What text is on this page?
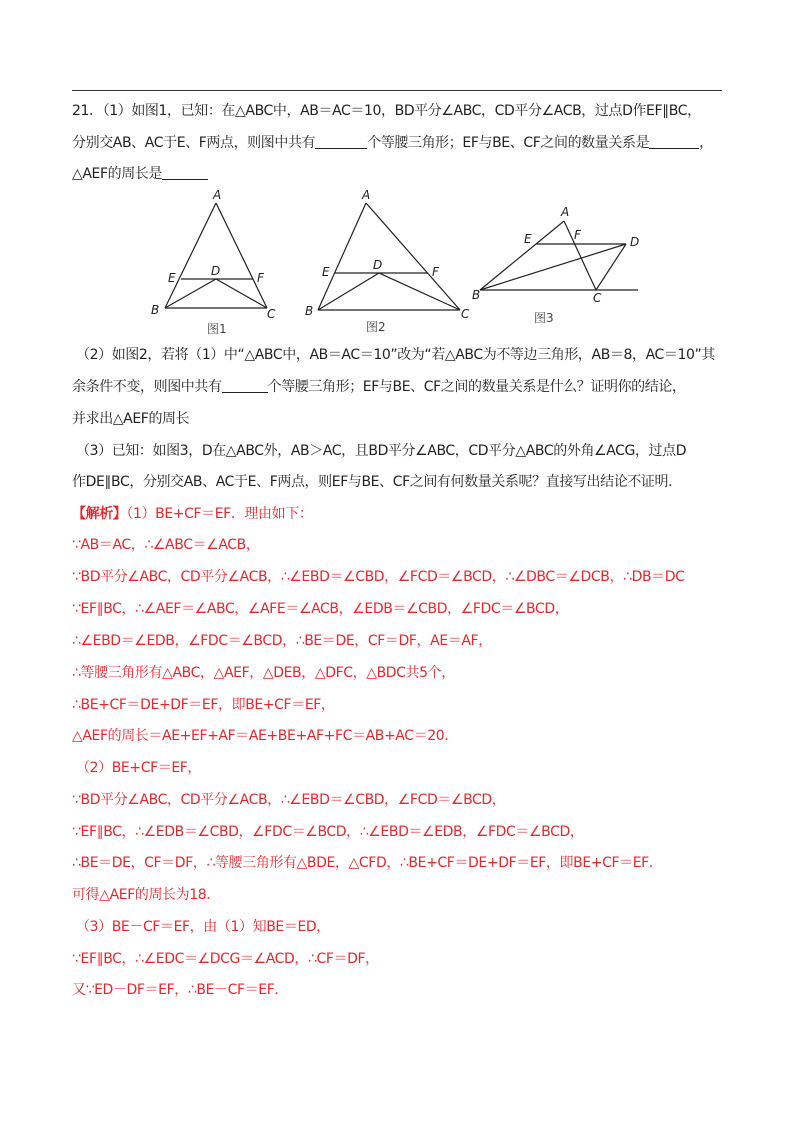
21．（1）如图1，已知：在△ABC中，AB＝AC＝10，BD平分∠ABC，CD平分∠ACB，过点D作EF∥BC，
分别交AB、AC于E、F两点，则图中共有	个等腰三角形；EF与BE、CF之间的数量关系是	，
△AEF的周长是
A
B	C
D
E	F
图1
A
B	C
D
E	F
图2
A
B	C
D
E	F
图3
（2）如图2，若将（1）中“△ABC中，AB＝AC＝10”改为“若△ABC为不等边三角形，AB＝8，AC＝10”其
余条件不变，则图中共有	个等腰三角形；EF与BE、CF之间的数量关系是什么？证明你的结论，
并求出△AEF的周长
（3）已知：如图3，D在△ABC外，AB＞AC，且BD平分∠ABC，CD平分△ABC的外角∠ACG，过点D
作DE∥BC，分别交AB、AC于E、F两点，则EF与BE、CF之间有何数量关系呢？直接写出结论不证明．
【解析】（1）BE+CF＝EF．理由如下：
∵AB＝AC，∴∠ABC＝∠ACB，
∵BD平分∠ABC，CD平分∠ACB，∴∠EBD＝∠CBD，∠FCD＝∠BCD，∴∠DBC＝∠DCB，∴DB＝DC
∵EF∥BC，∴∠AEF＝∠ABC，∠AFE＝∠ACB，∠EDB＝∠CBD，∠FDC＝∠BCD，
∴∠EBD＝∠EDB，∠FDC＝∠BCD，∴BE＝DE，CF＝DF，AE＝AF，
∴等腰三角形有△ABC，△AEF，△DEB，△DFC，△BDC共5个，
∴BE+CF＝DE+DF＝EF，即BE+CF＝EF，
△AEF的周长＝AE+EF+AF＝AE+BE+AF+FC＝AB+AC＝20．
（2）BE+CF＝EF，
∵BD平分∠ABC，CD平分∠ACB，∴∠EBD＝∠CBD，∠FCD＝∠BCD，
∵EF∥BC，∴∠EDB＝∠CBD，∠FDC＝∠BCD，∴∠EBD＝∠EDB，∠FDC＝∠BCD，
∴BE＝DE，CF＝DF，∴等腰三角形有△BDE，△CFD，∴BE+CF＝DE+DF＝EF，即BE+CF＝EF．
可得△AEF的周长为18．
（3）BE－CF＝EF，由（1）知BE＝ED，
∵EF∥BC，∴∠EDC＝∠DCG＝∠ACD，∴CF＝DF，
又∵ED－DF＝EF，∴BE－CF＝EF．
